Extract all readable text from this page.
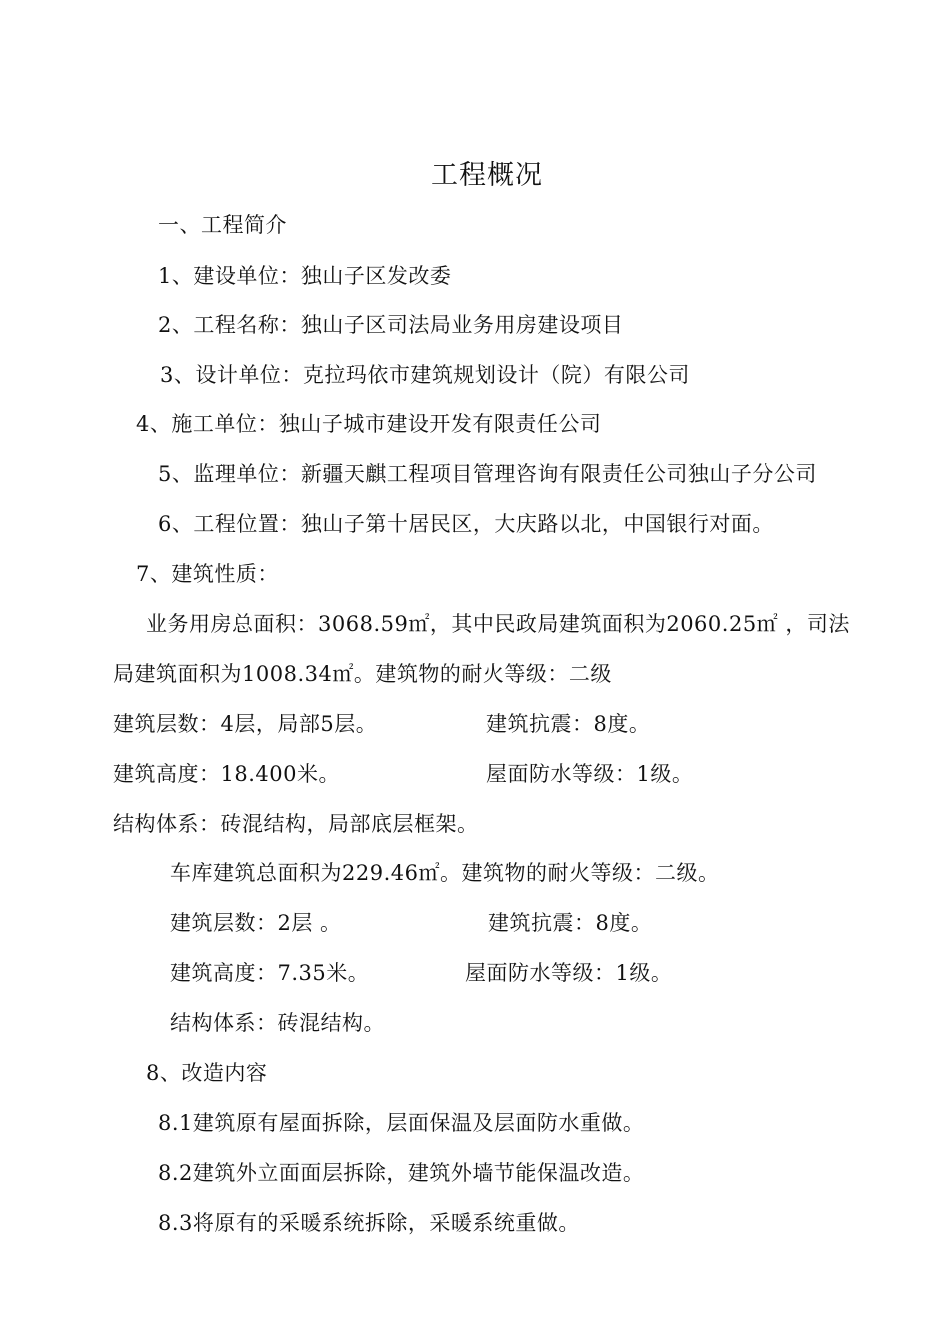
工程概况
一、工程简介
1、建设单位：独山子区发改委
2、工程名称：独山子区司法局业务用房建设项目
3、设计单位：克拉玛依市建筑规划设计（院）有限公司
4、施工单位：独山子城市建设开发有限责任公司
5、监理单位：新疆天麒工程项目管理咨询有限责任公司独山子分公司
6、工程位置：独山子第十居民区，大庆路以北，中国银行对面。
7、建筑性质：
业务用房总面积：3068.59㎡，其中民政局建筑面积为2060.25㎡ ，司法
局建筑面积为1008.34㎡。建筑物的耐火等级：二级
建筑层数：4层，局部5层。	建筑抗震：8度。
建筑高度：18.400米。	屋面防水等级：1级。
结构体系：砖混结构，局部底层框架。
车库建筑总面积为229.46㎡。建筑物的耐火等级：二级。
建筑层数：2层 。	建筑抗震：8度。
建筑高度：7.35米。	屋面防水等级：1级。
结构体系：砖混结构。
8、改造内容
8.1建筑原有屋面拆除，层面保温及层面防水重做。
8.2建筑外立面面层拆除，建筑外墙节能保温改造。
8.3将原有的采暖系统拆除，采暖系统重做。
